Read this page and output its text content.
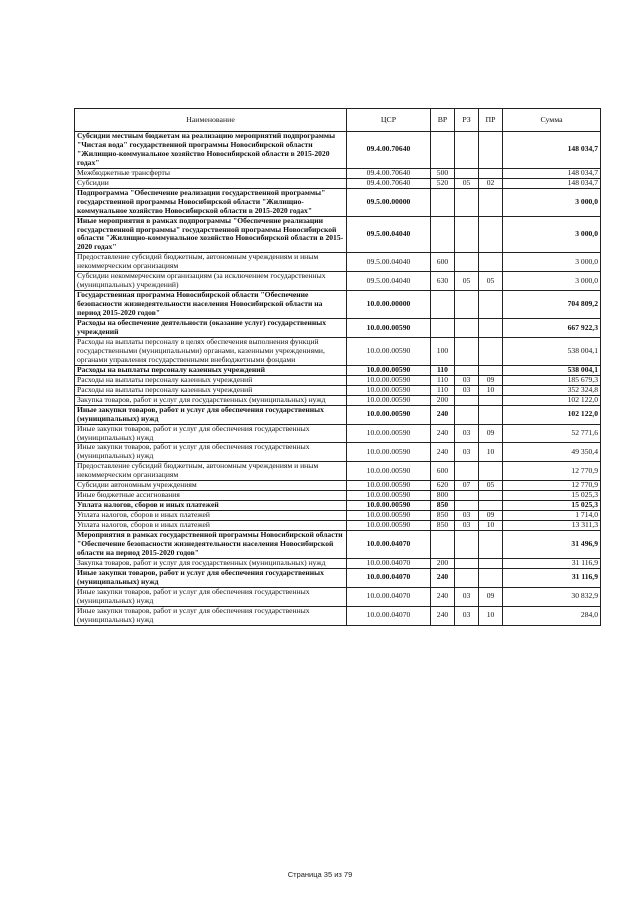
Наименование	ЦСР	ВР	РЗ	ПР	Сумма
Субсидии местным бюджетам на реализацию мероприятий подпрограммы "Чистая вода" государственной программы Новосибирской области "Жилищно-коммунальное хозяйство Новосибирской области в 2015-2020 годах"	09.4.00.70640				148 034,7
Межбюджетные трансферты	09.4.00.70640	500			148 034,7
Субсидии	09.4.00.70640	520	05	02	148 034,7
Подпрограмма "Обеспечение реализации государственной программы" государственной программы Новосибирской области "Жилищно-коммунальное хозяйство Новосибирской области в 2015-2020 годах"	09.5.00.00000				3 000,0
Иные мероприятия в рамках подпрограммы "Обеспечение реализации государственной программы" государственной программы Новосибирской области "Жилищно-коммунальное хозяйство Новосибирской области в 2015-2020 годах"	09.5.00.04040				3 000,0
Предоставление субсидий бюджетным, автономным учреждениям и иным некоммерческим организациям	09.5.00.04040	600			3 000,0
Субсидии некоммерческим организациям (за исключением государственных (муниципальных) учреждений)	09.5.00.04040	630	05	05	3 000,0
Государственная программа Новосибирской области "Обеспечение безопасности жизнедеятельности населения Новосибирской области на период 2015-2020 годов"	10.0.00.00000				704 809,2
Расходы на обеспечение деятельности (оказание услуг) государственных учреждений	10.0.00.00590				667 922,3
Расходы на выплаты персоналу в целях обеспечения выполнения функций государственными (муниципальными) органами, казенными учреждениями, органами управления государственными внебюджетными фондами	10.0.00.00590	100			538 004,1
Расходы на выплаты персоналу казенных учреждений	10.0.00.00590	110			538 004,1
Расходы на выплаты персоналу казенных учреждений	10.0.00.00590	110	03	09	185 679,3
Расходы на выплаты персоналу казенных учреждений	10.0.00.00590	110	03	10	352 324,8
Закупка товаров, работ и услуг для государственных (муниципальных) нужд	10.0.00.00590	200			102 122,0
Иные закупки товаров, работ и услуг для обеспечения государственных (муниципальных) нужд	10.0.00.00590	240			102 122,0
Иные закупки товаров, работ и услуг для обеспечения государственных (муниципальных) нужд	10.0.00.00590	240	03	09	52 771,6
Иные закупки товаров, работ и услуг для обеспечения государственных (муниципальных) нужд	10.0.00.00590	240	03	10	49 350,4
Предоставление субсидий бюджетным, автономным учреждениям и иным некоммерческим организациям	10.0.00.00590	600			12 770,9
Субсидии автономным учреждениям	10.0.00.00590	620	07	05	12 770,9
Иные бюджетные ассигнования	10.0.00.00590	800			15 025,3
Уплата налогов, сборов и иных платежей	10.0.00.00590	850			15 025,3
Уплата налогов, сборов и иных платежей	10.0.00.00590	850	03	09	1 714,0
Уплата налогов, сборов и иных платежей	10.0.00.00590	850	03	10	13 311,3
Мероприятия в рамках государственной программы Новосибирской области "Обеспечение безопасности жизнедеятельности населения Новосибирской области на период 2015-2020 годов"	10.0.00.04070				31 496,9
Закупка товаров, работ и услуг для государственных (муниципальных) нужд	10.0.00.04070	200			31 116,9
Иные закупки товаров, работ и услуг для обеспечения государственных (муниципальных) нужд	10.0.00.04070	240			31 116,9
Иные закупки товаров, работ и услуг для обеспечения государственных (муниципальных) нужд	10.0.00.04070	240	03	09	30 832,9
Иные закупки товаров, работ и услуг для обеспечения государственных (муниципальных) нужд	10.0.00.04070	240	03	10	284,0
Страница 35 из 79
